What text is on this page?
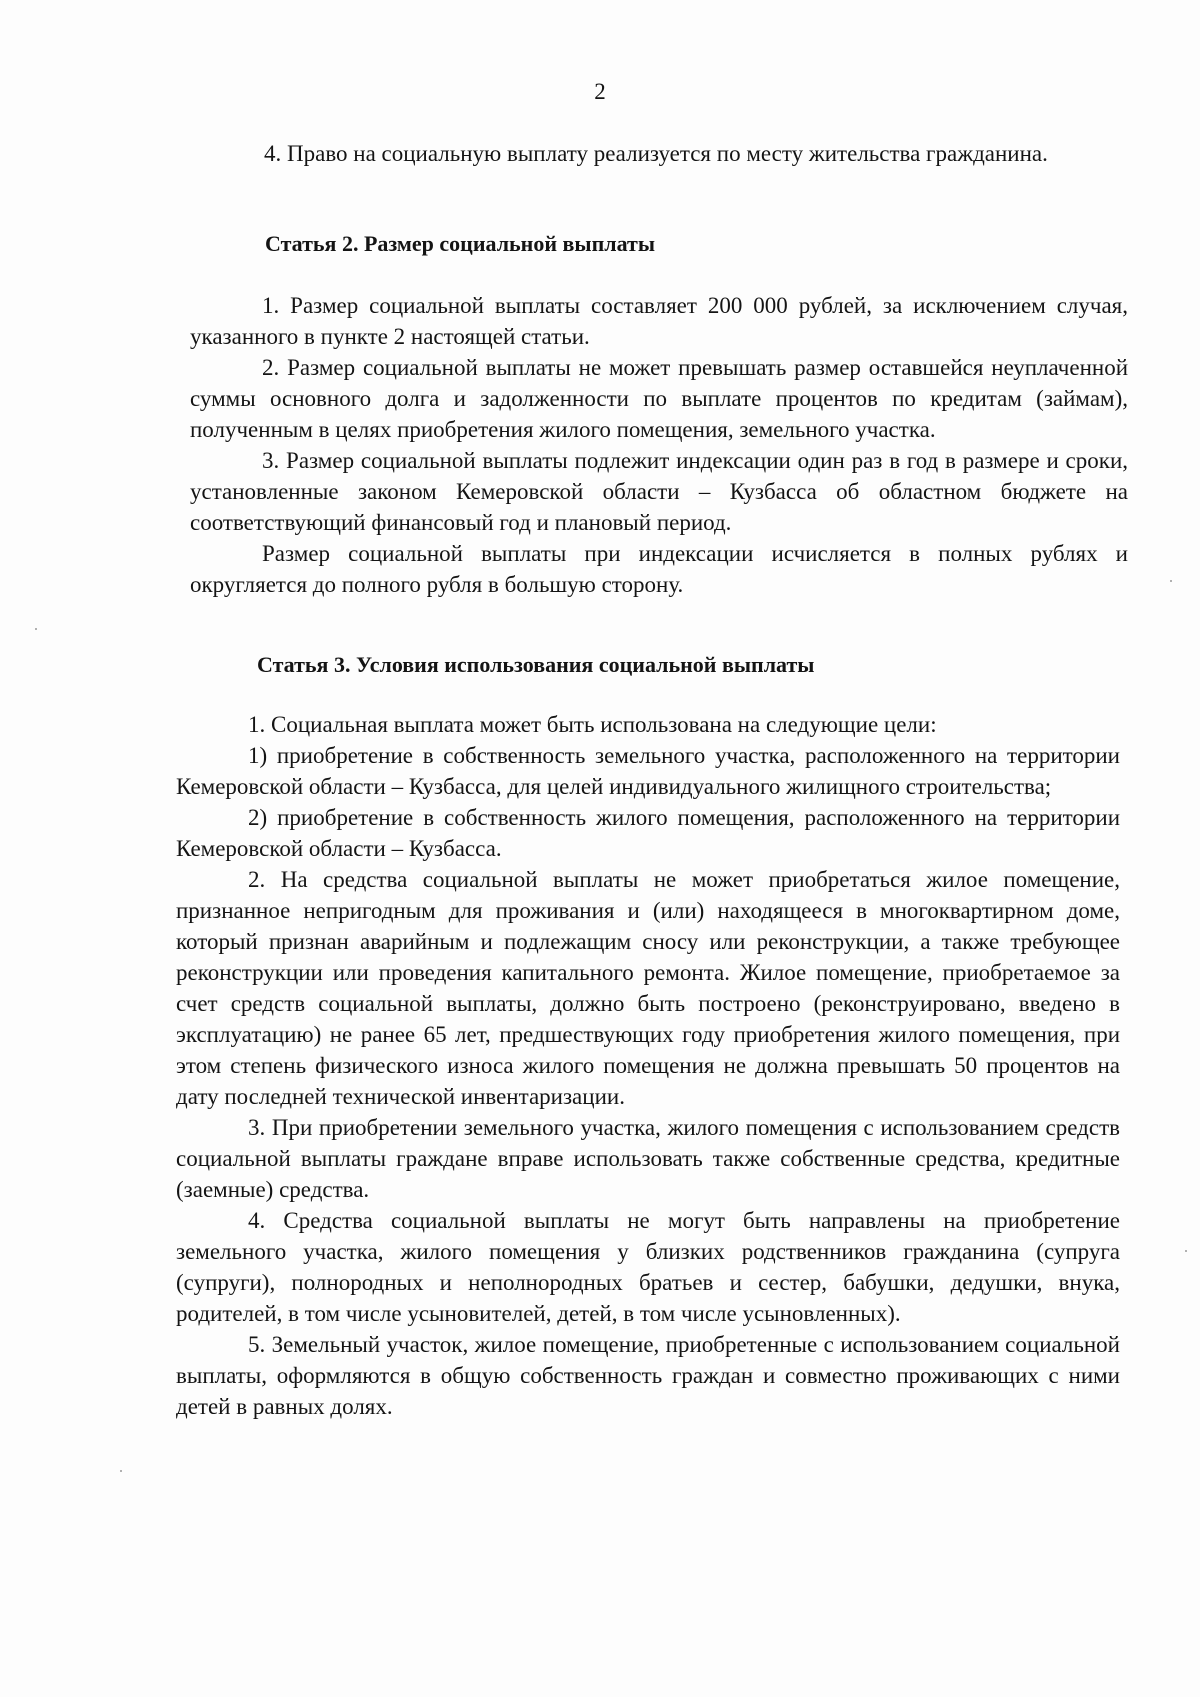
2

4. Право на социальную выплату реализуется по месту жительства гражданина.

Статья 2. Размер социальной выплаты

1. Размер социальной выплаты составляет 200 000 рублей, за исключением случая, указанного в пункте 2 настоящей статьи.

2. Размер социальной выплаты не может превышать размер оставшейся неуплаченной суммы основного долга и задолженности по выплате процентов по кредитам (займам), полученным в целях приобретения жилого помещения, земельного участка.

3. Размер социальной выплаты подлежит индексации один раз в год в размере и сроки, установленные законом Кемеровской области – Кузбасса об областном бюджете на соответствующий финансовый год и плановый период.

Размер социальной выплаты при индексации исчисляется в полных рублях и округляется до полного рубля в большую сторону.

Статья 3. Условия использования социальной выплаты

1. Социальная выплата может быть использована на следующие цели:

1) приобретение в собственность земельного участка, расположенного на территории Кемеровской области – Кузбасса, для целей индивидуального жилищного строительства;

2) приобретение в собственность жилого помещения, расположенного на территории Кемеровской области – Кузбасса.

2. На средства социальной выплаты не может приобретаться жилое помещение, признанное непригодным для проживания и (или) находящееся в многоквартирном доме, который признан аварийным и подлежащим сносу или реконструкции, а также требующее реконструкции или проведения капитального ремонта. Жилое помещение, приобретаемое за счет средств социальной выплаты, должно быть построено (реконструировано, введено в эксплуатацию) не ранее 65 лет, предшествующих году приобретения жилого помещения, при этом степень физического износа жилого помещения не должна превышать 50 процентов на дату последней технической инвентаризации.

3. При приобретении земельного участка, жилого помещения с использованием средств социальной выплаты граждане вправе использовать также собственные средства, кредитные (заемные) средства.

4. Средства социальной выплаты не могут быть направлены на приобретение земельного участка, жилого помещения у близких родственников гражданина (супруга (супруги), полнородных и неполнородных братьев и сестер, бабушки, дедушки, внука, родителей, в том числе усыновителей, детей, в том числе усыновленных).

5. Земельный участок, жилое помещение, приобретенные с использованием социальной выплаты, оформляются в общую собственность граждан и совместно проживающих с ними детей в равных долях.
